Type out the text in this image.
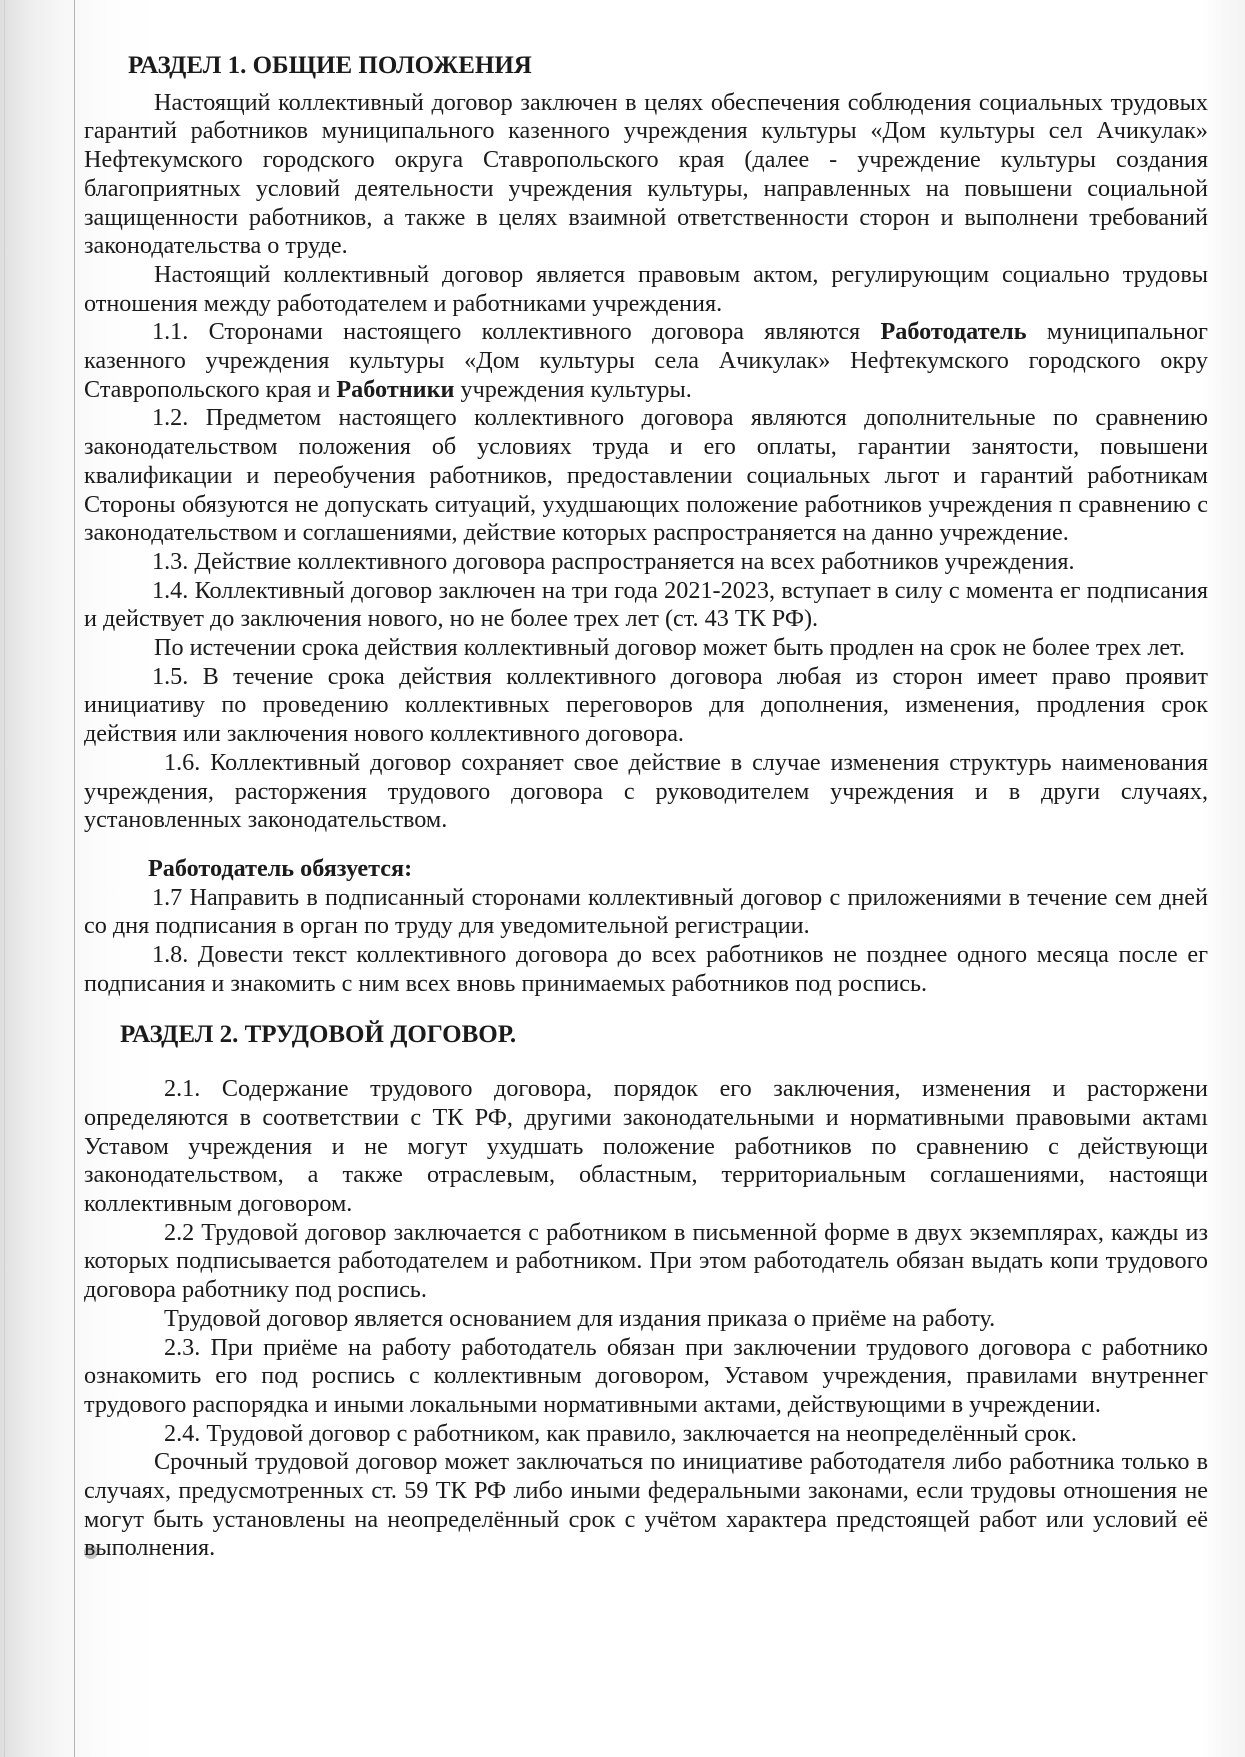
РАЗДЕЛ 1. ОБЩИЕ ПОЛОЖЕНИЯ

Настоящий коллективный договор заключен в целях обеспечения соблюдения социальных трудовых гарантий работников муниципального казенного учреждения культуры «Дом культуры сел Ачикулак» Нефтекумского городского округа Ставропольского края (далее - учреждение культуры создания благоприятных условий деятельности учреждения культуры, направленных на повышени социальной защищенности работников, а также в целях взаимной ответственности сторон и выполнени требований законодательства о труде.

Настоящий коллективный договор является правовым актом, регулирующим социально трудовы отношения между работодателем и работниками учреждения.

1.1. Сторонами настоящего коллективного договора являются Работодатель муниципальног казенного учреждения культуры «Дом культуры села Ачикулак» Нефтекумского городского окру Ставропольского края и Работники учреждения культуры.

1.2. Предметом настоящего коллективного договора являются дополнительные по сравнению законодательством положения об условиях труда и его оплаты, гарантии занятости, повышени квалификации и переобучения работников, предоставлении социальных льгот и гарантий работникам Стороны обязуются не допускать ситуаций, ухудшающих положение работников учреждения п сравнению с законодательством и соглашениями, действие которых распространяется на данно учреждение.

1.3. Действие коллективного договора распространяется на всех работников учреждения.

1.4. Коллективный договор заключен на три года 2021-2023, вступает в силу с момента ег подписания и действует до заключения нового, но не более трех лет (ст. 43 ТК РФ).

По истечении срока действия коллективный договор может быть продлен на срок не более трех лет.

1.5. В течение срока действия коллективного договора любая из сторон имеет право проявит инициативу по проведению коллективных переговоров для дополнения, изменения, продления срок действия или заключения нового коллективного договора.

1.6. Коллективный договор сохраняет свое действие в случае изменения структурь наименования учреждения, расторжения трудового договора с руководителем учреждения и в други случаях, установленных законодательством.

Работодатель обязуется:

1.7 Направить в подписанный сторонами коллективный договор с приложениями в течение сем дней со дня подписания в орган по труду для уведомительной регистрации.

1.8. Довести текст коллективного договора до всех работников не позднее одного месяца после ег подписания и знакомить с ним всех вновь принимаемых работников под роспись.

РАЗДЕЛ 2. ТРУДОВОЙ ДОГОВОР.

2.1. Содержание трудового договора, порядок его заключения, изменения и расторжени определяются в соответствии с ТК РФ, другими законодательными и нормативными правовыми актамı Уставом учреждения и не могут ухудшать положение работников по сравнению с действующи законодательством, а также отраслевым, областным, территориальным соглашениями, настоящи коллективным договором.

2.2 Трудовой договор заключается с работником в письменной форме в двух экземплярах, кажды из которых подписывается работодателем и работником. При этом работодатель обязан выдать копи трудового договора работнику под роспись.

Трудовой договор является основанием для издания приказа о приёме на работу.

2.3. При приёме на работу работодатель обязан при заключении трудового договора с работнико ознакомить его под роспись с коллективным договором, Уставом учреждения, правилами внутреннег трудового распорядка и иными локальными нормативными актами, действующими в учреждении.

2.4. Трудовой договор с работником, как правило, заключается на неопределённый срок.

Срочный трудовой договор может заключаться по инициативе работодателя либо работника только в случаях, предусмотренных ст. 59 ТК РФ либо иными федеральными законами, если трудовы отношения не могут быть установлены на неопределённый срок с учётом характера предстоящей работ или условий её выполнения.
